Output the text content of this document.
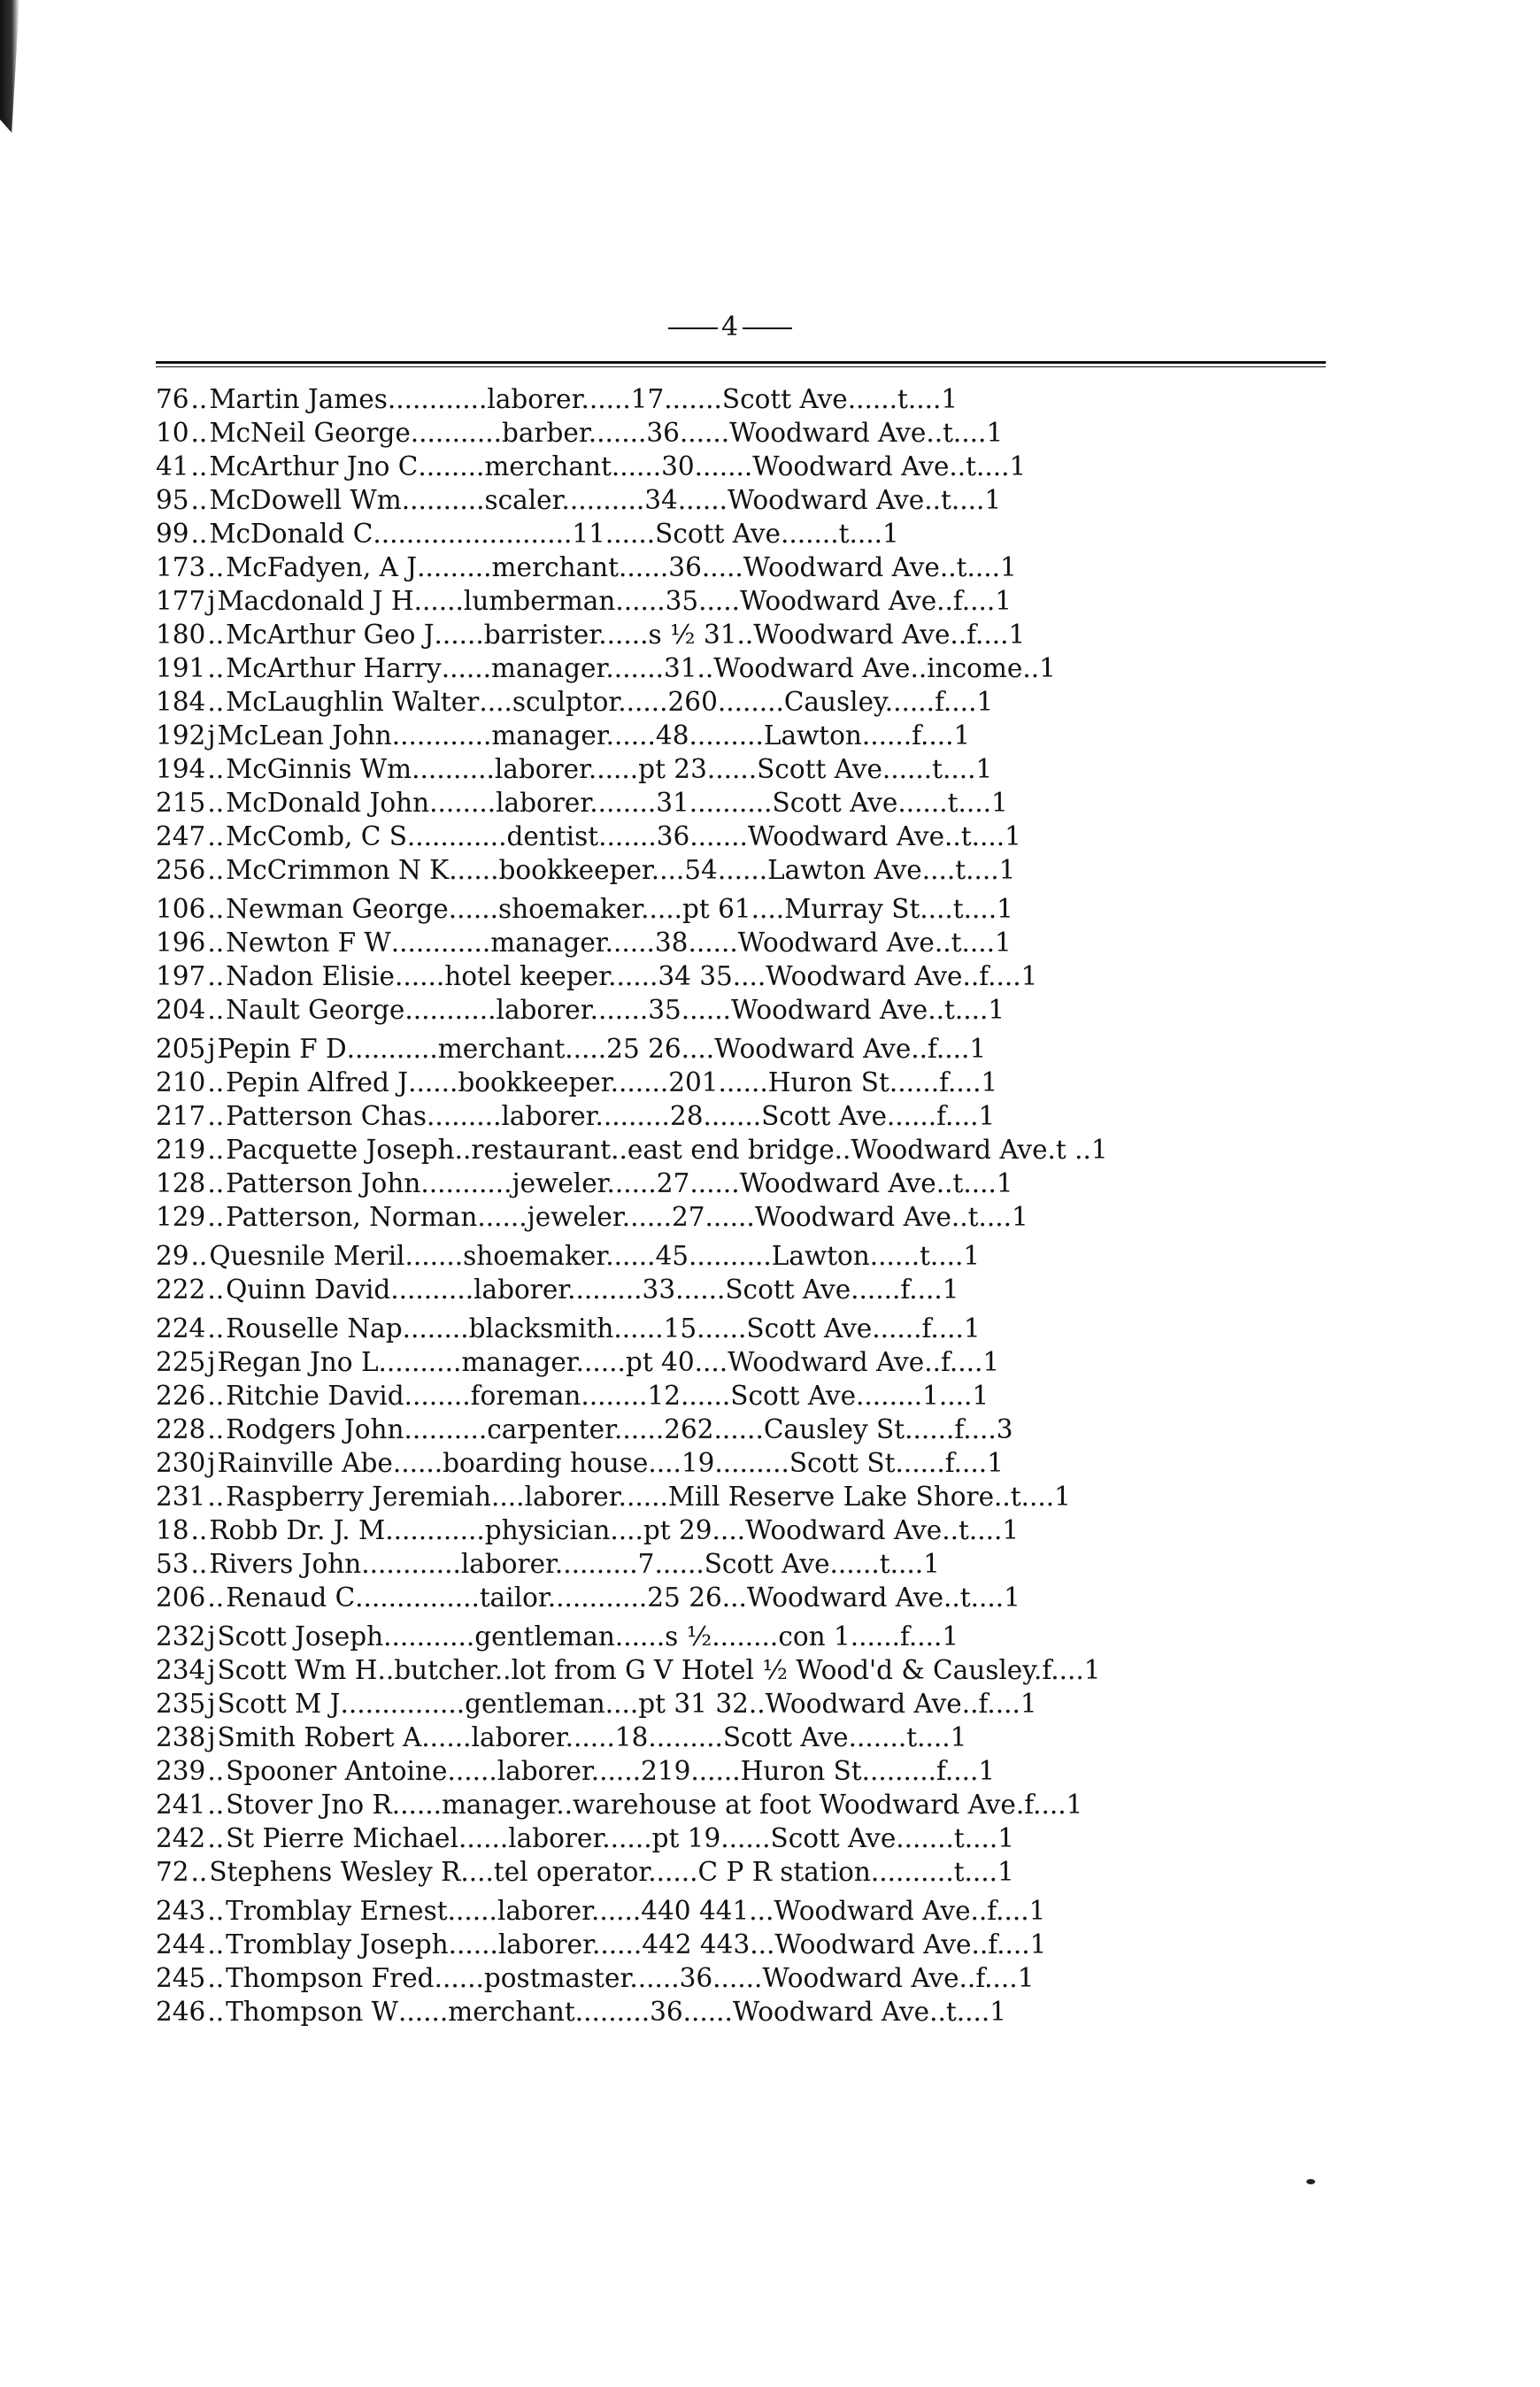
4
76 .. Martin James ............laborer......17.......Scott Ave......t....1
10 .. McNeil George ...........barber.......36......Woodward Ave..t....1
41 .. McArthur Jno C ........merchant......30.......Woodward Ave..t....1
95 .. McDowell Wm ..........scaler..........34......Woodward Ave..t....1
99 .. McDonald C ........................11......Scott Ave.......t....1
173 .. McFadyen, A J .........merchant......36.....Woodward Ave..t....1
177 j Macdonald J H ......lumberman......35.....Woodward Ave..f....1
180 .. McArthur Geo J ......barrister......s ½ 31..Woodward Ave..f....1
191 .. McArthur Harry ......manager.......31..Woodward Ave..income..1
184 .. McLaughlin Walter ....sculptor......260........Causley......f....1
192 j McLean John ............manager......48.........Lawton......f....1
194 .. McGinnis Wm ..........laborer......pt 23......Scott Ave......t....1
215 .. McDonald John ........laborer........31..........Scott Ave......t....1
247 .. McComb, C S ............dentist.......36.......Woodward Ave..t....1
256 .. McCrimmon N K ......bookkeeper....54......Lawton Ave....t....1
106 .. Newman George ......shoemaker.....pt 61....Murray St....t....1
196 .. Newton F W ............manager......38......Woodward Ave..t....1
197 .. Nadon Elisie ......hotel keeper......34 35....Woodward Ave..f....1
204 .. Nault George ...........laborer.......35......Woodward Ave..t....1
205 j Pepin F D ...........merchant.....25 26....Woodward Ave..f....1
210 .. Pepin Alfred J ......bookkeeper.......201......Huron St......f....1
217 .. Patterson Chas .........laborer.........28.......Scott Ave......f....1
219 .. Pacquette Joseph ..restaurant..east end bridge..Woodward Ave.t ..1
128 .. Patterson John ...........jeweler......27......Woodward Ave..t....1
129 .. Patterson, Norman ......jeweler......27......Woodward Ave..t....1
29 .. Quesnile Meril .......shoemaker......45..........Lawton......t....1
222 .. Quinn David ..........laborer.........33......Scott Ave......f....1
224 .. Rouselle Nap ........blacksmith......15......Scott Ave......f....1
225 j Regan Jno L ..........manager......pt 40....Woodward Ave..f....1
226 .. Ritchie David ........foreman........12......Scott Ave........1....1
228 .. Rodgers John ..........carpenter......262......Causley St......f....3
230 j Rainville Abe ......boarding house....19.........Scott St......f....1
231 .. Raspberry Jeremiah ....laborer......Mill Reserve Lake Shore..t....1
18 .. Robb Dr. J. M ............physician....pt 29....Woodward Ave..t....1
53 .. Rivers John ............laborer..........7......Scott Ave......t....1
206 .. Renaud C ...............tailor............25 26...Woodward Ave..t....1
232 j Scott Joseph ...........gentleman......s ½........con 1......f....1
234 j Scott Wm H ..butcher..lot from G V Hotel ½ Wood'd & Causley.f....1
235 j Scott M J ...............gentleman....pt 31 32..Woodward Ave..f....1
238 j Smith Robert A ......laborer......18.........Scott Ave.......t....1
239 .. Spooner Antoine ......laborer......219......Huron St.........f....1
241 .. Stover Jno R ......manager..warehouse at foot Woodward Ave.f....1
242 .. St Pierre Michael ......laborer......pt 19......Scott Ave.......t....1
72 .. Stephens Wesley R ....tel operator......C P R station..........t....1
243 .. Tromblay Ernest ......laborer......440 441...Woodward Ave..f....1
244 .. Tromblay Joseph ......laborer......442 443...Woodward Ave..f....1
245 .. Thompson Fred ......postmaster......36......Woodward Ave..f....1
246 .. Thompson W ......merchant.........36......Woodward Ave..t....1
